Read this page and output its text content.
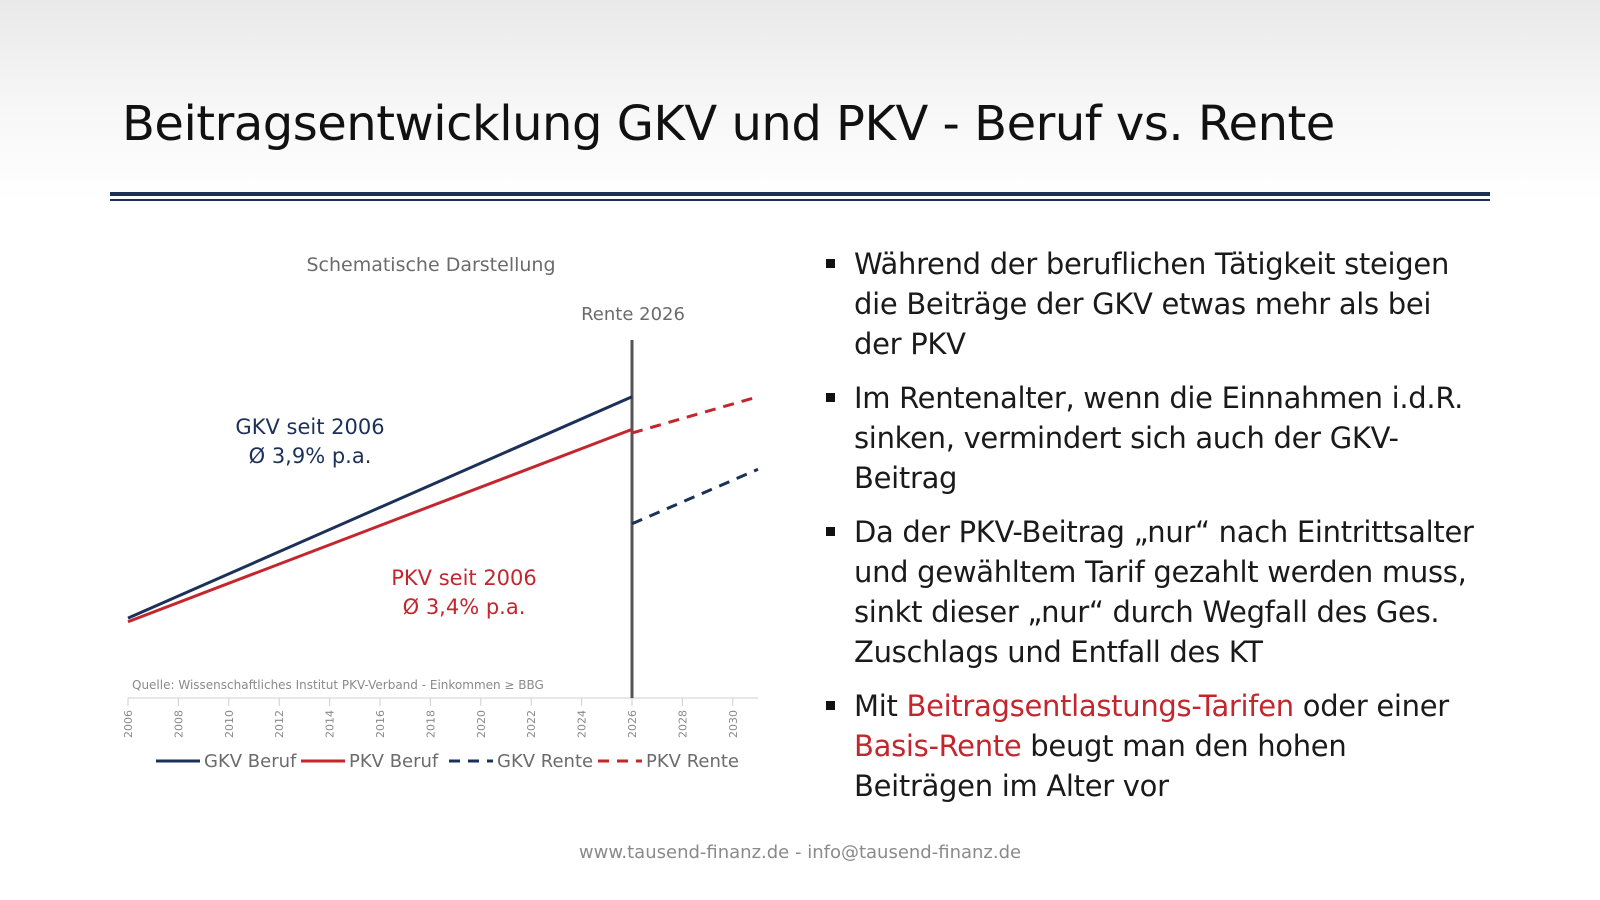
Beitragsentwicklung GKV und PKV - Beruf vs. Rente
Schematische Darstellung
2006	2008	2010	2012	2014	2016	2018	2020	2022	2024	2026	2028	2030
Quelle: Wissenschaftliches Institut PKV-Verband - Einkommen ≥ BBG
Rente 2026
GKV seit 2006
Ø 3,9% p.a.
PKV seit 2006
Ø 3,4% p.a.
GKV Beruf	PKV Beruf	GKV Rente	PKV Rente
Während der beruflichen Tätigkeit steigen die Beiträge der GKV etwas mehr als bei der PKV
Im Rentenalter, wenn die Einnahmen i.d.R. sinken, vermindert sich auch der GKV-Beitrag
Da der PKV-Beitrag „nur“ nach Eintrittsalter und gewähltem Tarif gezahlt werden muss, sinkt dieser „nur“ durch Wegfall des Ges. Zuschlags und Entfall des KT
Mit Beitragsentlastungs-Tarifen oder einer Basis-Rente beugt man den hohen Beiträgen im Alter vor
www.tausend-finanz.de - info@tausend-finanz.de
